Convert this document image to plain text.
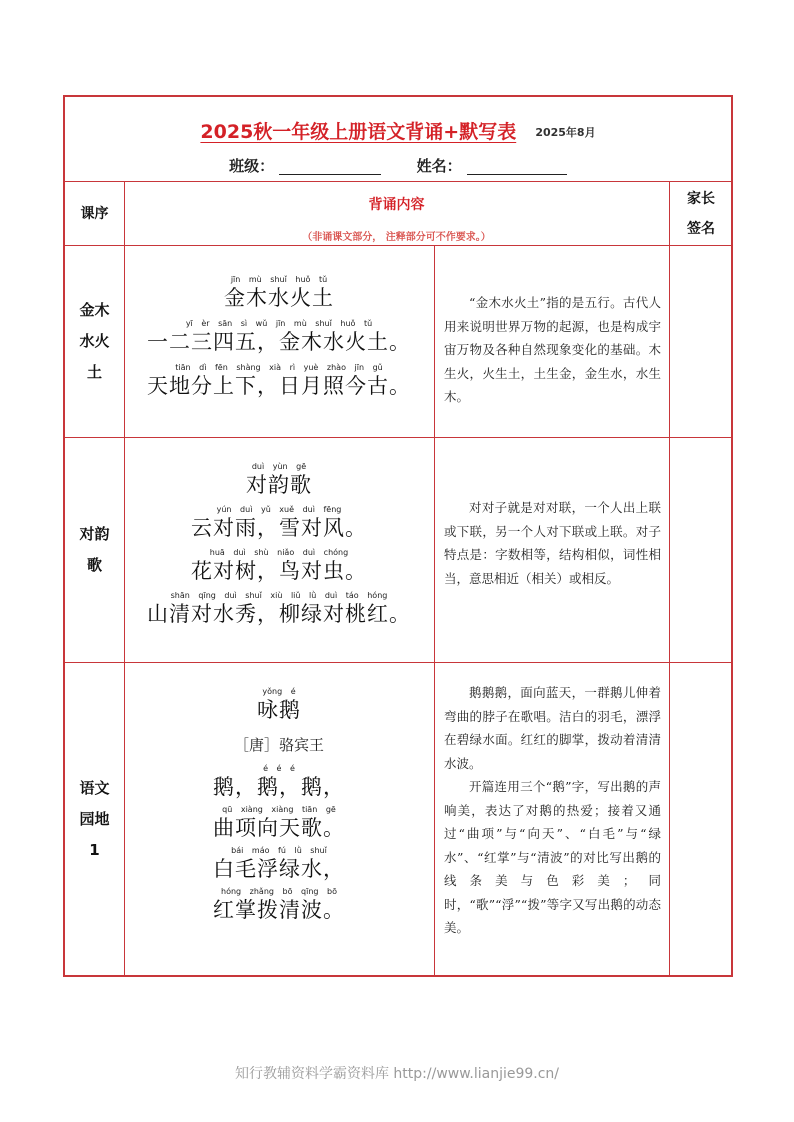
2025秋一年级上册语文背诵+默写表 2025年8月
班级：	姓名：
课序
背诵内容
（非诵课文部分， 注释部分可不作要求。）
家长
签名
金木
水火
土
jīn mù shuǐ huǒ tǔ
金木水火土
yī èr sān sì wǔ jīn mù shuǐ huǒ tǔ
一二三四五，金木水火土。
tiān dì fēn shàng xià rì yuè zhào jīn gǔ
天地分上下，日月照今古。

“金木水火土”指的是五行。古代人用来说明世界万物的起源，也是构成宇宙万物及各种自然现象变化的基础。木生火，火生土，土生金，金生水，水生木。

对韵
歌
duì yùn gē
对韵歌
yún duì yǔ xuě duì fēng
云对雨，雪对风。
huā duì shù niǎo duì chóng
花对树，鸟对虫。
shān qīng duì shuǐ xiù liǔ lǜ duì táo hóng
山清对水秀，柳绿对桃红。

对对子就是对对联，一个人出上联或下联，另一个人对下联或上联。对子特点是：字数相等，结构相似，词性相当，意思相近（相关）或相反。

语文
园地
1
yǒng é
咏鹅
［唐］骆宾王
é é é
鹅，鹅，鹅，
qū xiàng xiàng tiān gē
曲项向天歌。
bái máo fú lǜ shuǐ
白毛浮绿水，
hóng zhǎng bō qīng bō
红掌拨清波。

鹅鹅鹅，面向蓝天，一群鹅儿伸着弯曲的脖子在歌唱。洁白的羽毛，漂浮在碧绿水面。红红的脚掌，拨动着清清水波。

开篇连用三个“鹅”字，写出鹅的声响美，表达了对鹅的热爱；接着又通过“曲项”与“向天”、“白毛”与“绿水”、“红掌”与“清波”的对比写出鹅的线条美与色彩美；同时，“歌”“浮”“拨”等字又写出鹅的动态美。

知行教辅资料学霸资料库 http://www.lianjie99.cn/
